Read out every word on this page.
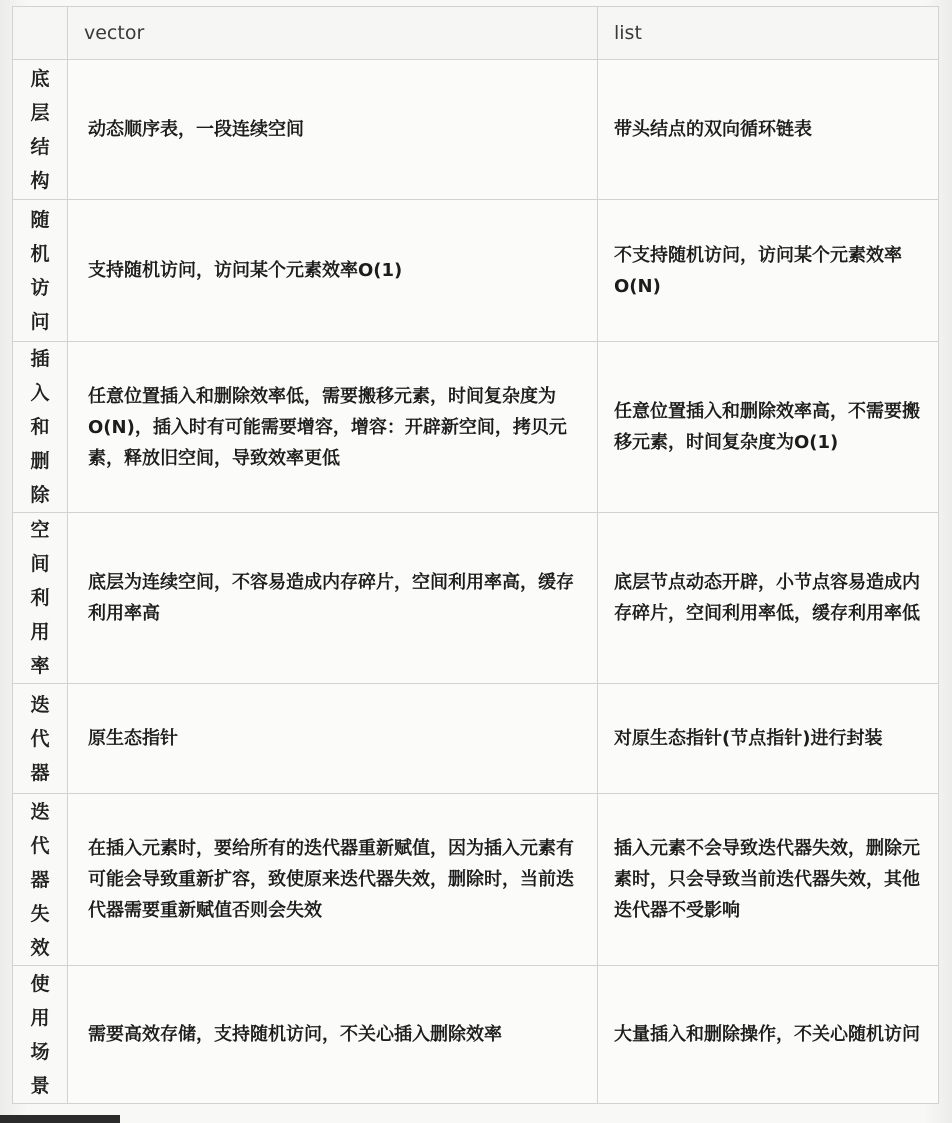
	vector	list
底层结构	动态顺序表，一段连续空间	带头结点的双向循环链表
随机访问	支持随机访问，访问某个元素效率O(1)	不支持随机访问，访问某个元素效率O(N)
插入和删除	任意位置插入和删除效率低，需要搬移元素，时间复杂度为O(N)，插入时有可能需要增容，增容：开辟新空间，拷贝元素，释放旧空间，导致效率更低	任意位置插入和删除效率高，不需要搬移元素，时间复杂度为O(1)
空间利用率	底层为连续空间，不容易造成内存碎片，空间利用率高，缓存利用率高	底层节点动态开辟，小节点容易造成内存碎片，空间利用率低，缓存利用率低
迭代器	原生态指针	对原生态指针(节点指针)进行封装
迭代器失效	在插入元素时，要给所有的迭代器重新赋值，因为插入元素有可能会导致重新扩容，致使原来迭代器失效，删除时，当前迭代器需要重新赋值否则会失效	插入元素不会导致迭代器失效，删除元素时，只会导致当前迭代器失效，其他迭代器不受影响
使用场景	需要高效存储，支持随机访问，不关心插入删除效率	大量插入和删除操作，不关心随机访问
